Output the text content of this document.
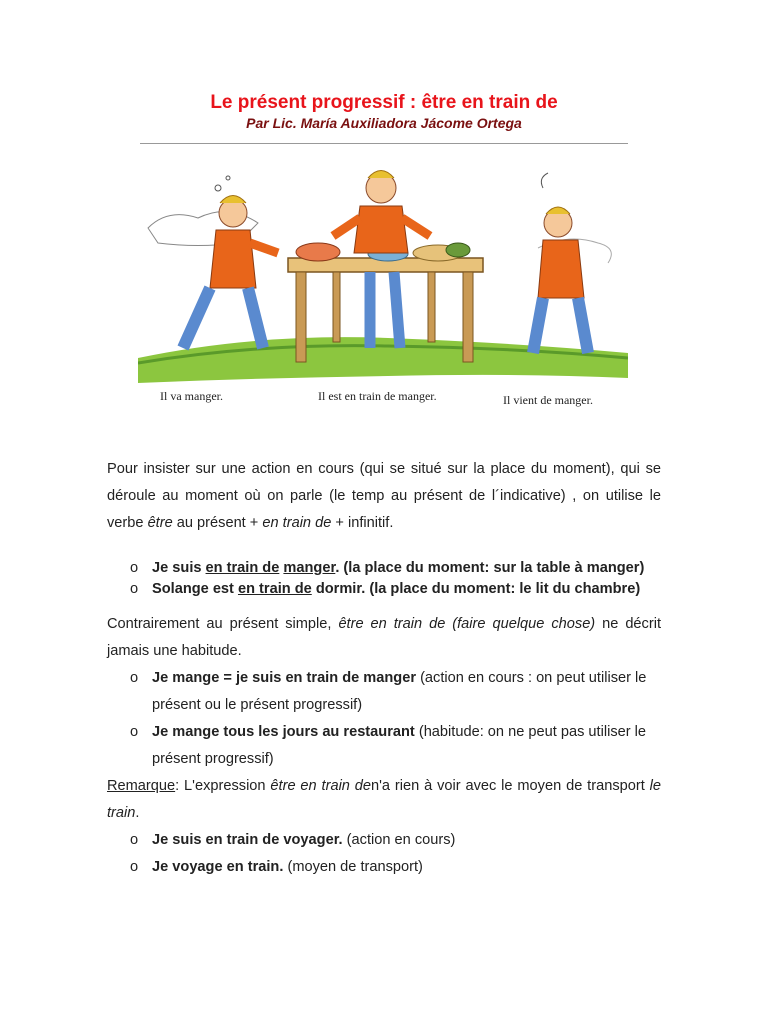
Le présent progressif : être en train de
Par Lic. María Auxiliadora Jácome Ortega
Il va manger.	Il est en train de manger.	Il vient de manger.
Pour insister sur une action en cours (qui se situé sur la place du moment), qui se déroule au moment où on parle (le temp au présent de l´indicative) , on utilise le verbe être au présent + en train de + infinitif.
o Je suis en train de manger. (la place du moment: sur la table à manger)
o Solange est en train de dormir. (la place du moment: le lit du chambre)
Contrairement au présent simple, être en train de (faire quelque chose) ne décrit jamais une habitude.
o Je mange = je suis en train de manger (action en cours : on peut utiliser le présent ou le présent progressif)
o Je mange tous les jours au restaurant (habitude: on ne peut pas utiliser le présent progressif)
Remarque: L'expression être en train den'a rien à voir avec le moyen de transport le train.
o Je suis en train de voyager. (action en cours)
o Je voyage en train. (moyen de transport)
